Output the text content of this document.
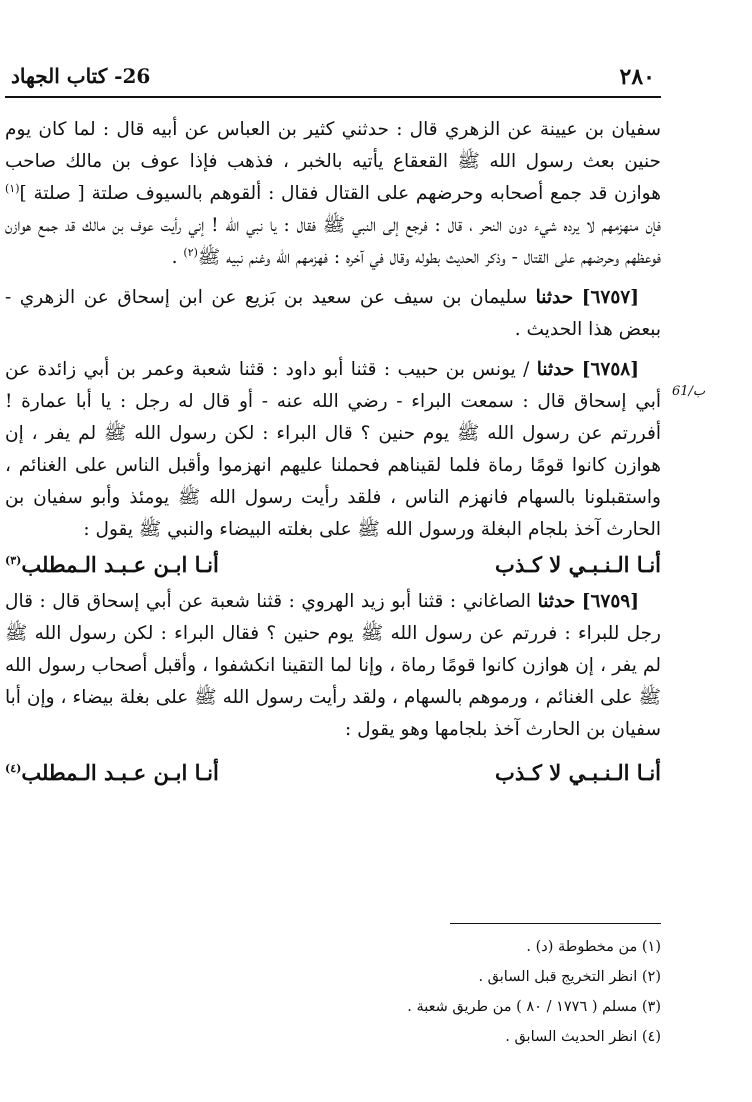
٢٨٠
26- كتاب الجهاد
61/ب

سفيان بن عيينة عن الزهري قال : حدثني كثير بن العباس عن أبيه قال : لما كان يوم حنين بعث رسول الله ﷺ القعقاع يأتيه بالخبر ، فذهب فإذا عوف بن مالك صاحب هوازن قد جمع أصحابه وحرضهم على القتال فقال : ألقوهم بالسيوف صلتة [ صلتة ]$^{(١)}$ فإن منهزمهم لا يرده شيء دون النحر ، قال : فرجع إلى النبي ﷺ فقال : يا نبي الله ! إني رأيت عوف بن مالك قد جمع هوازن فوعظهم وحرضهم على القتال - وذكر الحديث بطوله وقال في آخره : فهزمهم الله وغنم نبيه ﷺ$^{(٢)}$ .

[٦٧٥٧] حدثنا سليمان بن سيف عن سعيد بن بَزيع عن ابن إسحاق عن الزهري - ببعض هذا الحديث .

[٦٧٥٨] حدثنا / يونس بن حبيب : قثنا أبو داود : قثنا شعبة وعمر بن أبي زائدة عن أبي إسحاق قال : سمعت البراء - رضي الله عنه - أو قال له رجل : يا أبا عمارة ! أفررتم عن رسول الله ﷺ يوم حنين ؟ قال البراء : لكن رسول الله ﷺ لم يفر ، إن هوازن كانوا قومًا رماة فلما لقيناهم فحملنا عليهم انهزموا وأقبل الناس على الغنائم ، واستقبلونا بالسهام فانهزم الناس ، فلقد رأيت رسول الله ﷺ يومئذ وأبو سفيان بن الحارث آخذ بلجام البغلة ورسول الله ﷺ على بغلته البيضاء والنبي ﷺ يقول :

أنـا الـنـبـي لا كـذب
أنـا ابـن عـبـد الـمطلب$^{(٣)}$

[٦٧٥٩] حدثنا الصاغاني : قثنا أبو زيد الهروي : قثنا شعبة عن أبي إسحاق قال : قال رجل للبراء : فررتم عن رسول الله ﷺ يوم حنين ؟ فقال البراء : لكن رسول الله ﷺ لم يفر ، إن هوازن كانوا قومًا رماة ، وإنا لما التقينا انكشفوا ، وأقبل أصحاب رسول الله ﷺ على الغنائم ، ورموهم بالسهام ، ولقد رأيت رسول الله ﷺ على بغلة بيضاء ، وإن أبا سفيان بن الحارث آخذ بلجامها وهو يقول :

أنـا الـنـبـي لا كـذب
أنـا ابـن عـبـد الـمطلب$^{(٤)}$
(١) من مخطوطة (د) .
(٢) انظر التخريج قبل السابق .
(٣) مسلم ( ١٧٧٦ / ٨٠ ) من طريق شعبة .
(٤) انظر الحديث السابق .
